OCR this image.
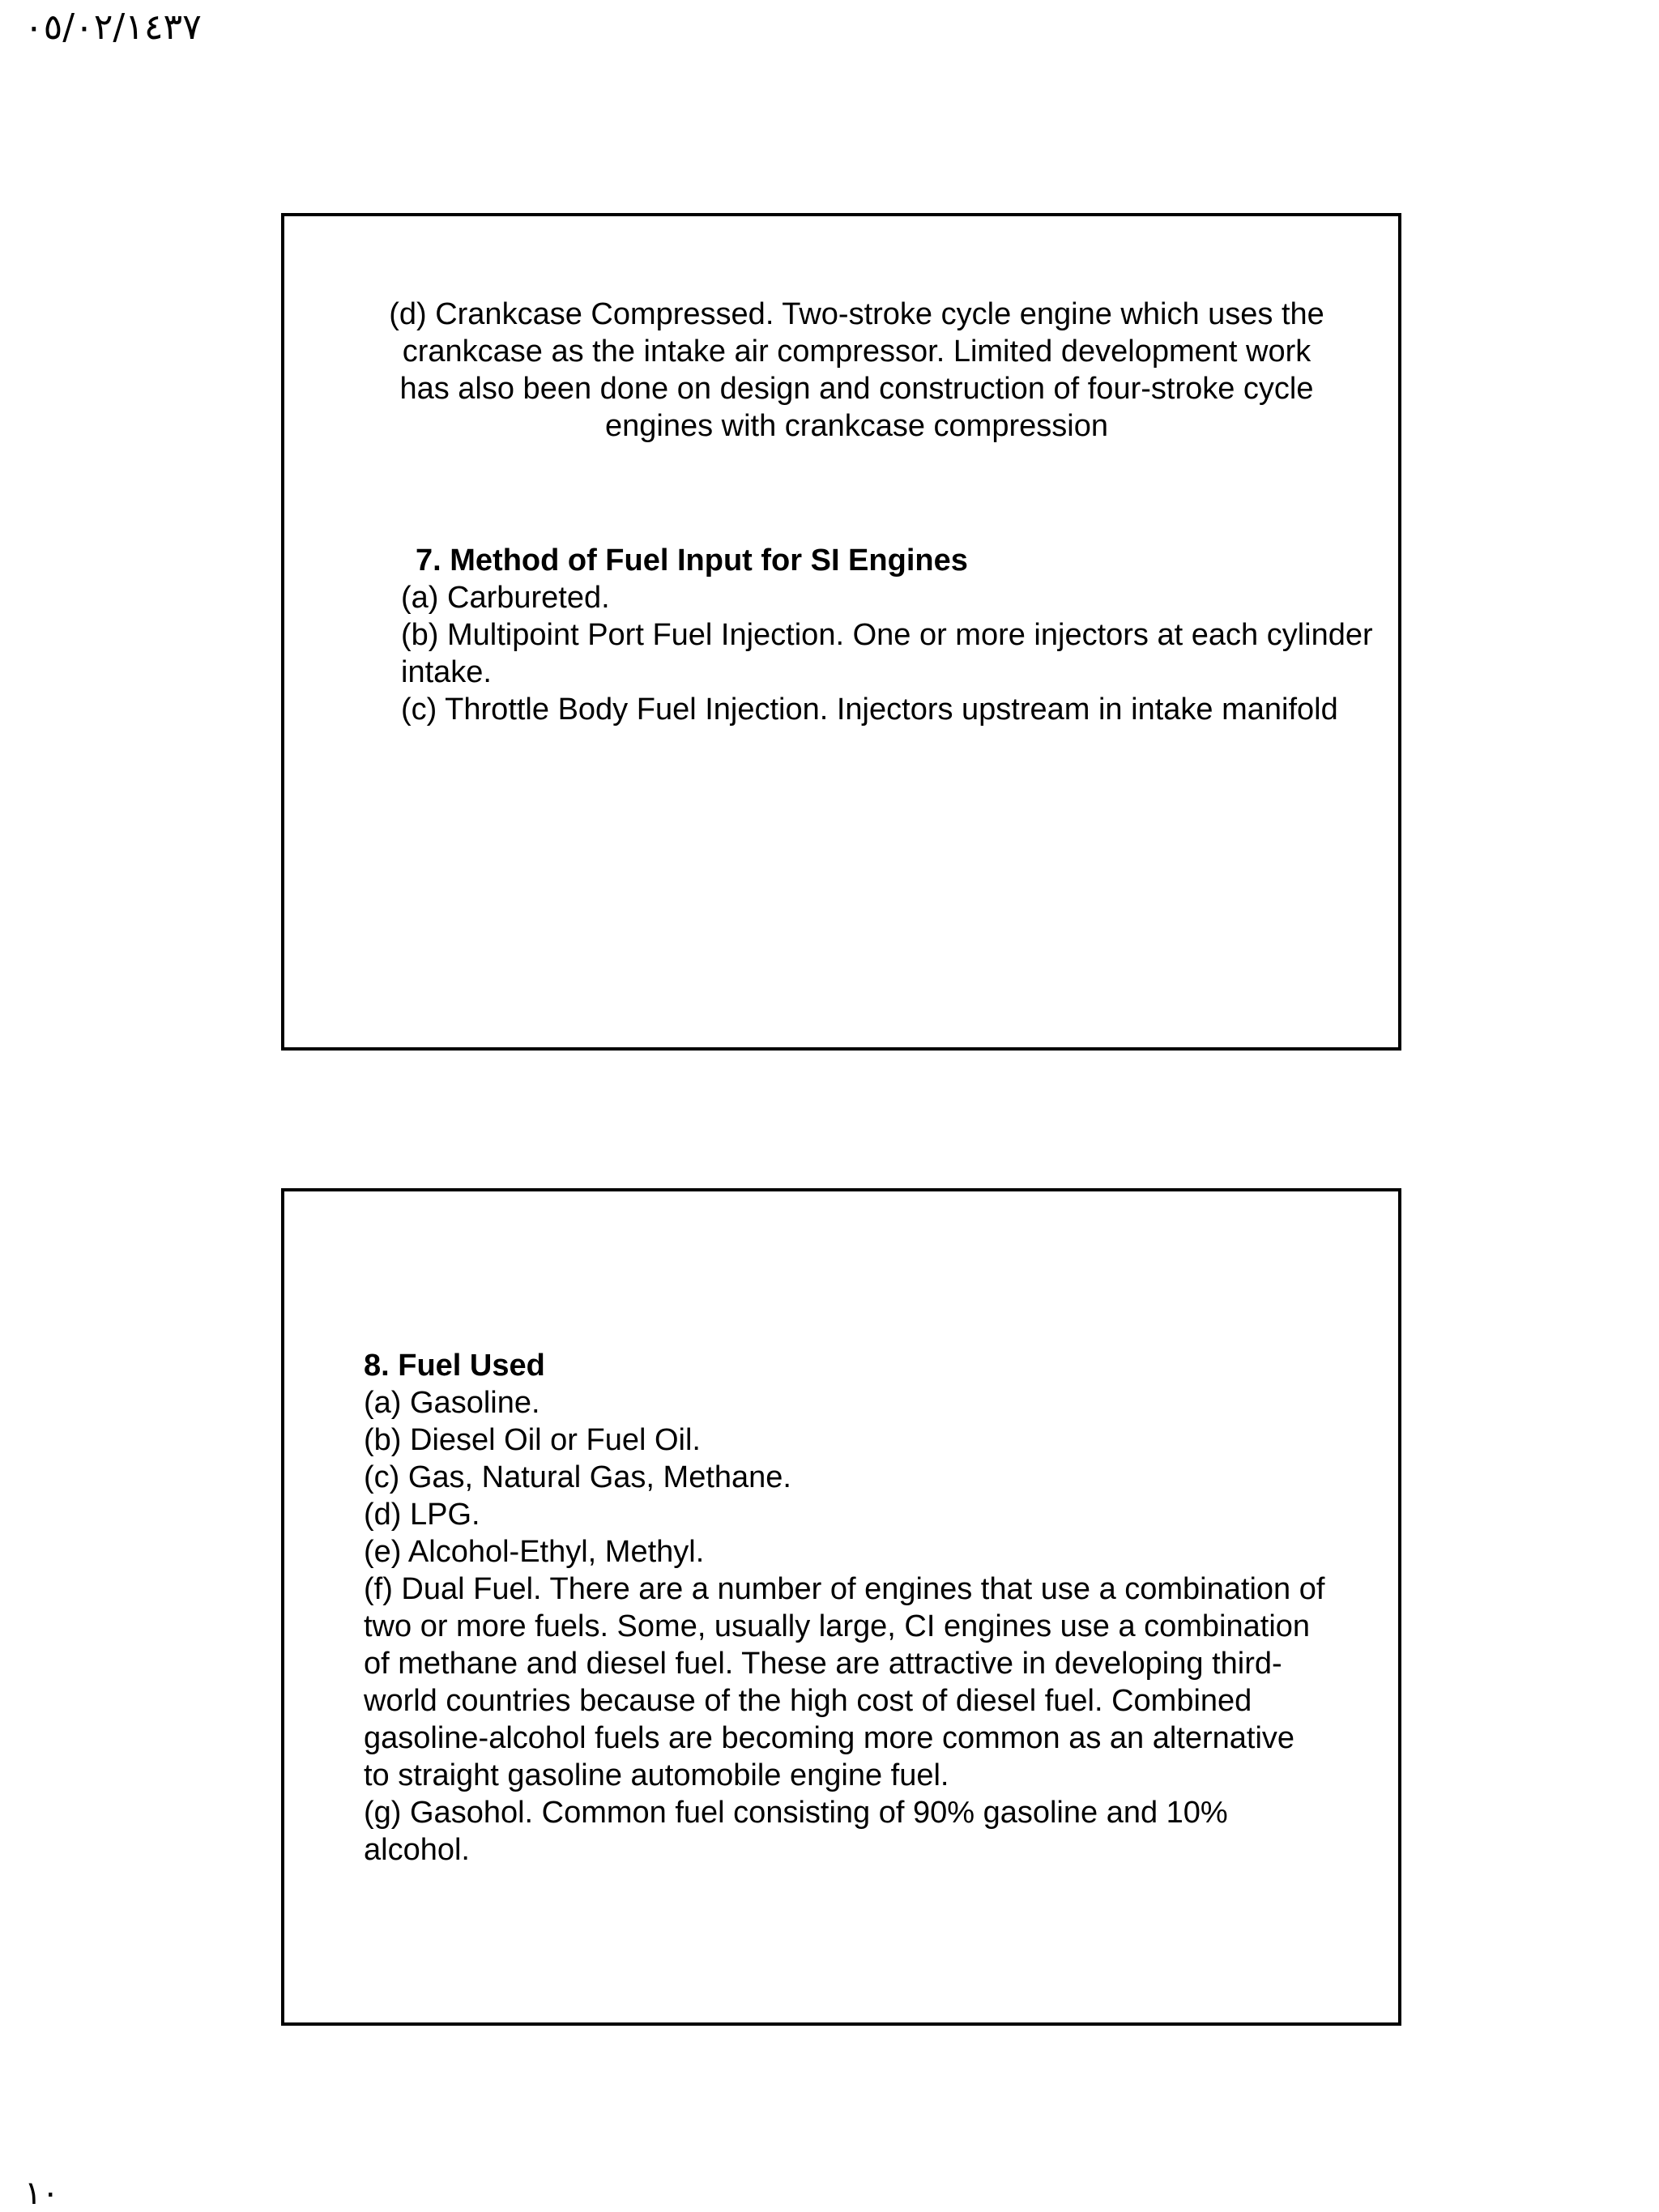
٠٥/٠٢/١٤٣٧
(d) Crankcase Compressed. Two-stroke cycle engine which uses the
crankcase as the intake air compressor. Limited development work
has also been done on design and construction of four-stroke cycle
engines with crankcase compression
7. Method of Fuel Input for SI Engines
(a) Carbureted.
(b) Multipoint Port Fuel Injection. One or more injectors at each cylinder
intake.
(c) Throttle Body Fuel Injection. Injectors upstream in intake manifold
8. Fuel Used
(a) Gasoline.
(b) Diesel Oil or Fuel Oil.
(c) Gas, Natural Gas, Methane.
(d) LPG.
(e) Alcohol-Ethyl, Methyl.
(f) Dual Fuel. There are a number of engines that use a combination of
two or more fuels. Some, usually large, CI engines use a combination
of methane and diesel fuel. These are attractive in developing third-
world countries because of the high cost of diesel fuel. Combined
gasoline-alcohol fuels are becoming more common as an alternative
to straight gasoline automobile engine fuel.
(g) Gasohol. Common fuel consisting of 90% gasoline and 10%
alcohol.
١٠
